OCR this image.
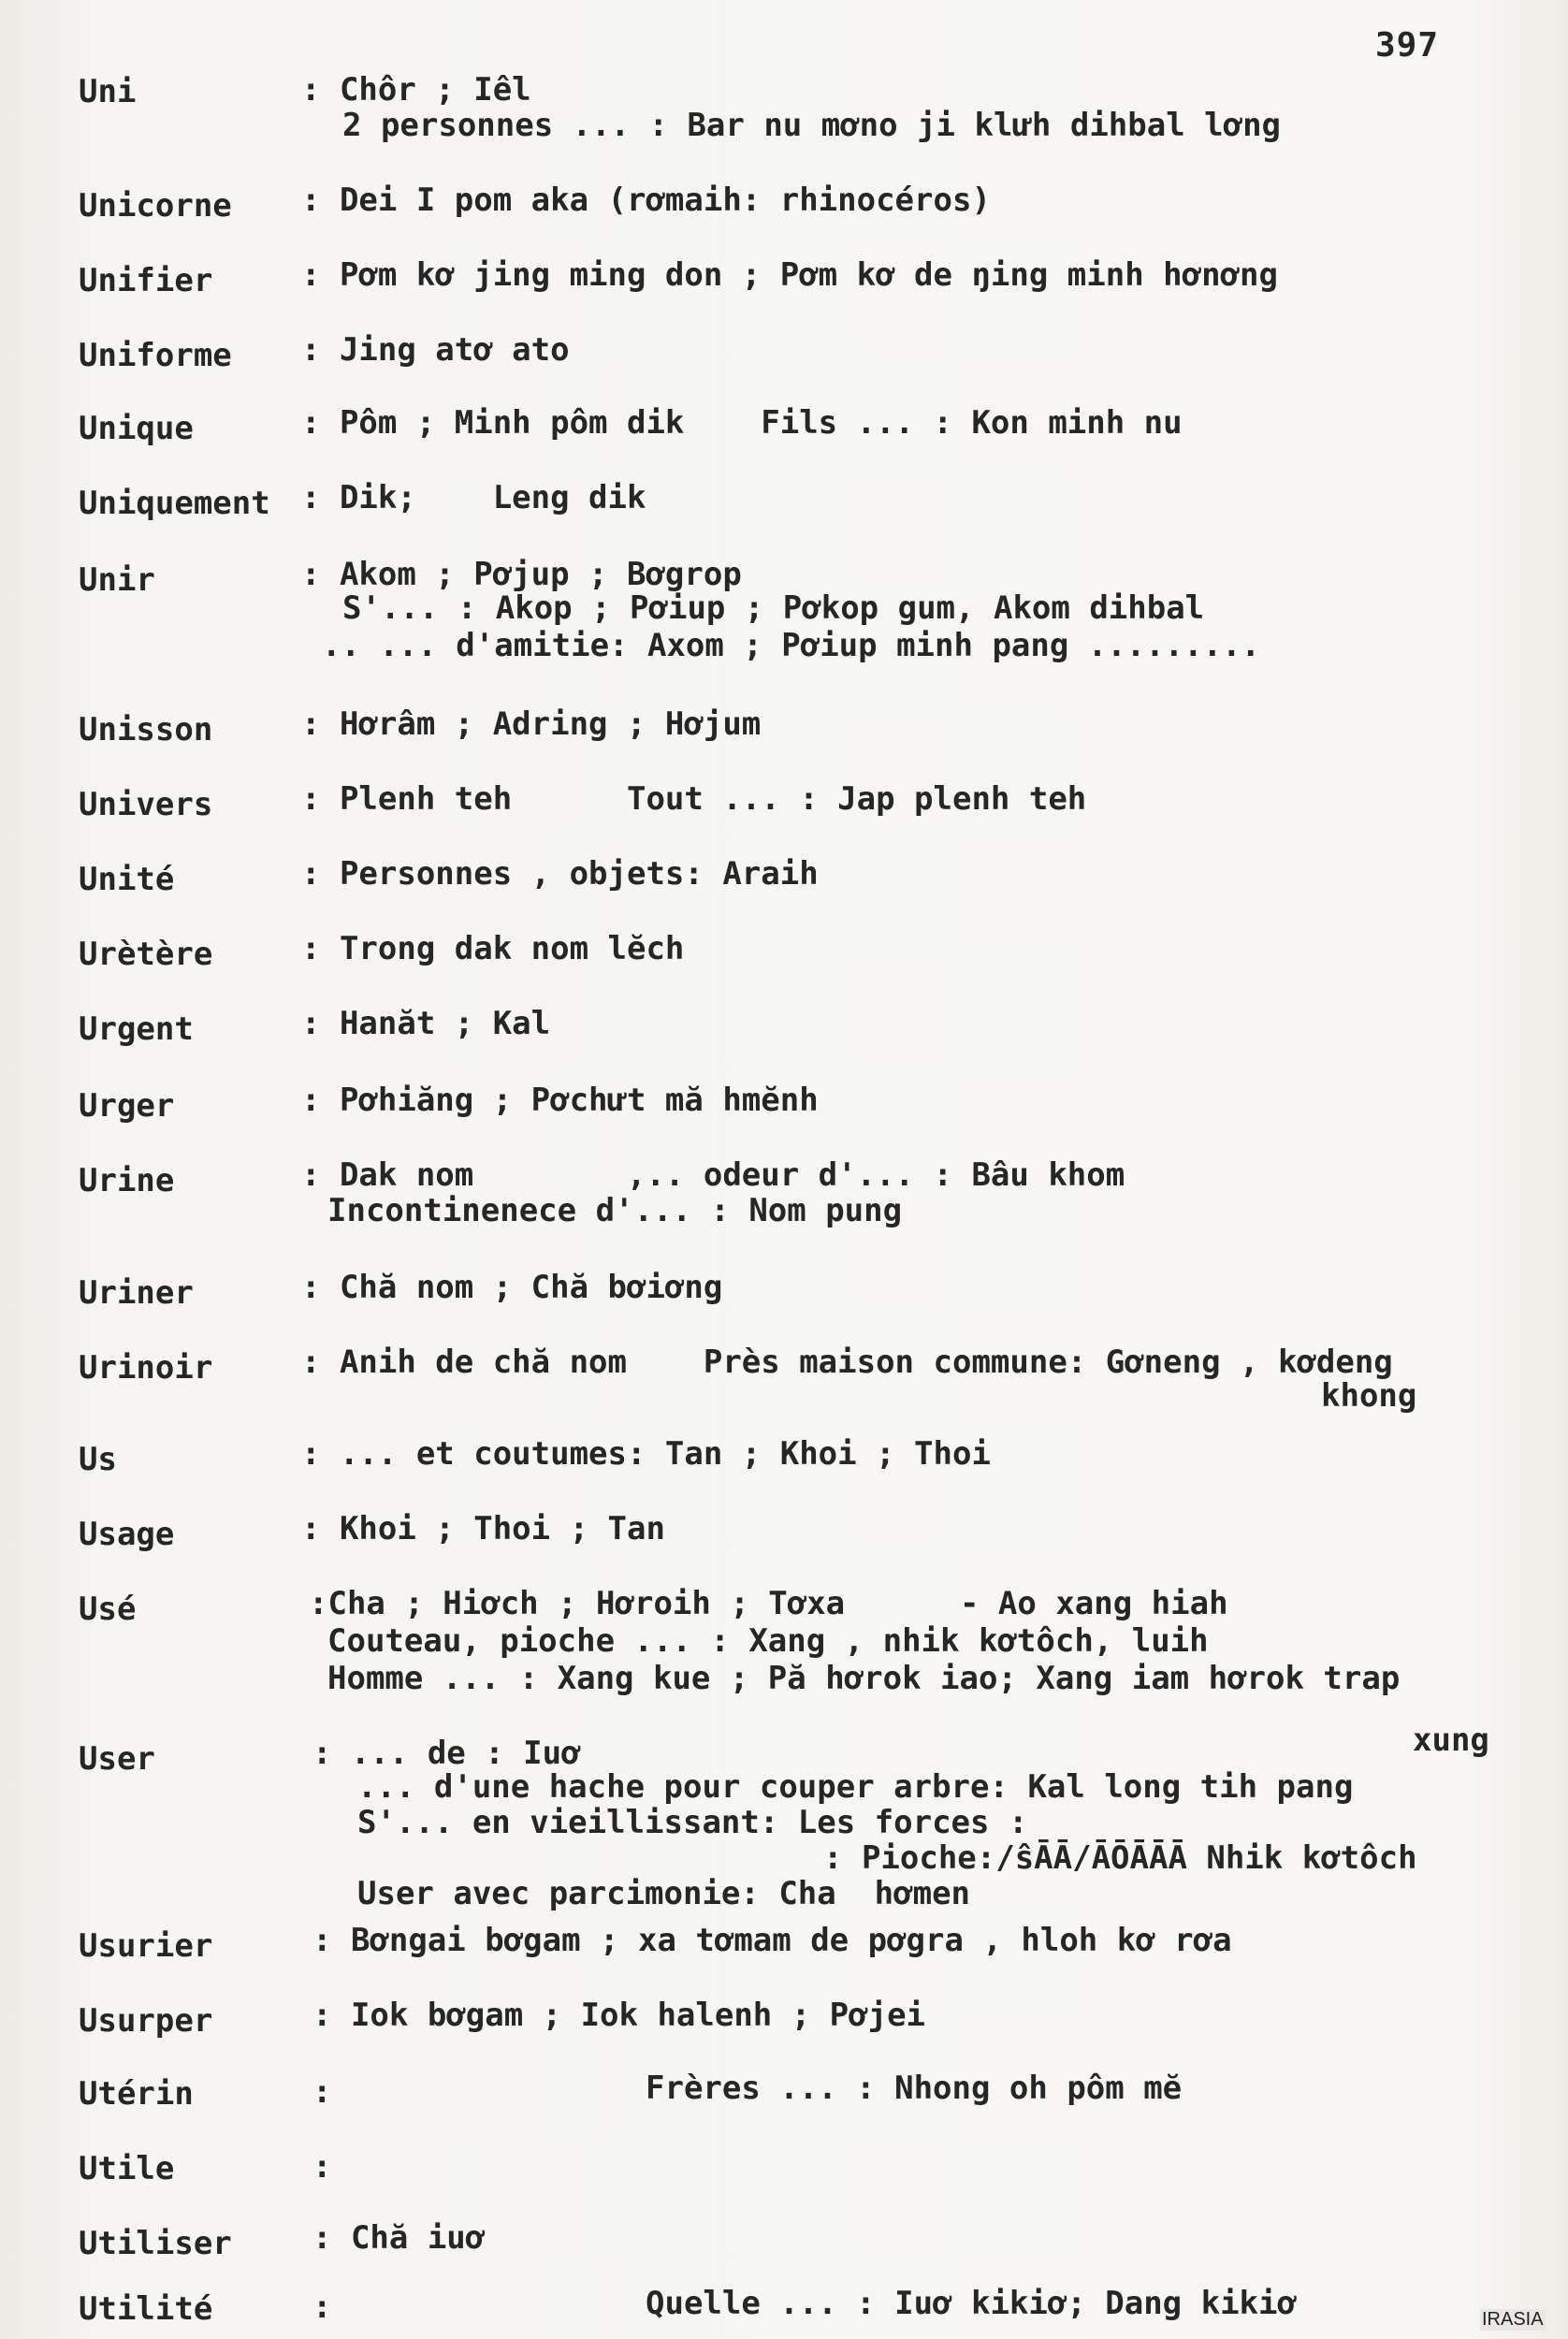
397
Uni	: Chôr ; Iêl
2 personnes ... : Bar nu mơno ji klưh dihbal lơng
Unicorne : Dei I pom aka (rơmaih: rhinocéros)
Unifier	: Pơm kơ jing ming don ; Pơm kơ de ŋing minh hơnơng
Uniforme : Jing atơ ato
Unique	: Pôm ; Minh pôm dik    Fils ... : Kon minh nu
Uniquement : Dik;    Leng dik
Unir	: Akom ; Pơjup ; Bơgrop
S'... : Akop ; Pơiup ; Pơkop gum, Akom dihbal
.. ... d'amitie: Axom ; Pơiup minh pang .........
Unisson	: Hơrâm ; Adring ; Hơjum
Univers	: Plenh teh      Tout ... : Jap plenh teh
Unité	: Personnes , objets: Araih
Urètère	: Trong dak nom lĕch
Urgent	: Hanăt ; Kal
Urger	: Pơhiăng ; Pơchưt mă hmĕnh
Urine	: Dak nom        ,.. odeur d'... : Bâu khom
Incontinenece d'... : Nom pung
Uriner	: Chă nom ; Chă bơiơng
Urinoir	: Anih de chă nom    Près maison commune: Gơneng , kơdeng
khong
Us	: ... et coutumes: Tan ; Khoi ; Thoi
Usage	: Khoi ; Thoi ; Tan
Usé	:Cha ; Hiơch ; Hơroih ; Tơxa      - Ao xang hiah
Couteau, pioche ... : Xang , nhik kơtôch, luih
Homme ... : Xang kue ; Pă hơrok iao; Xang iam hơrok trap
User	: ... de : Iuơ	xung
... d'une hache pour couper arbre: Kal long tih pang
S'... en vieillissant: Les forces :
: Pioche:/ŝĀĀ/ĀŌĀĀĀ Nhik kơtôch
User avec parcimonie: Cha  hơmen
Usurier	: Bơngai bơgam ; xa tơmam de pơgra , hloh kơ rơa
Usurper	: Iok bơgam ; Iok halenh ; Pơjei
Utérin	:	Frères ... : Nhong oh pôm mĕ
Utile	:
Utiliser	: Chă iuơ
Utilité	:	Quelle ... : Iuơ kikiơ; Dang kikiơ	IRASIA
